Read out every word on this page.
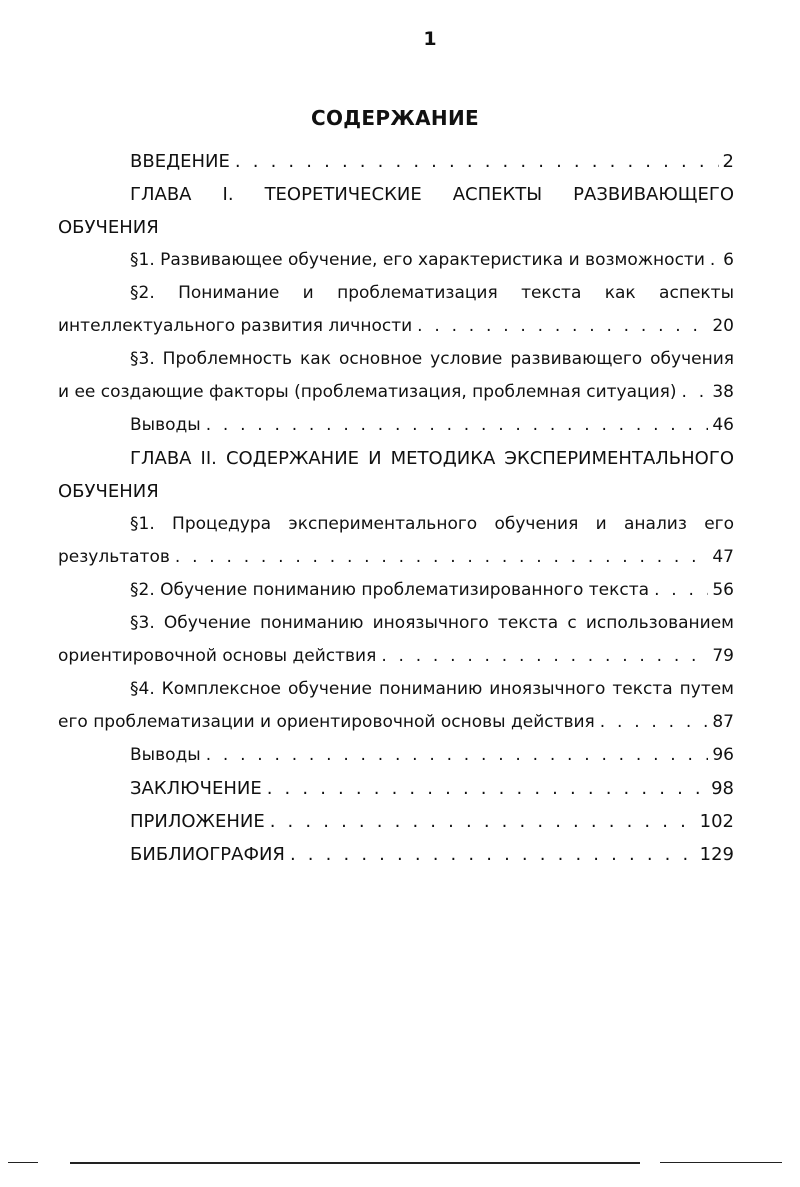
1
СОДЕРЖАНИЕ
ВВЕДЕНИЕ . . .	2
ГЛАВА I. ТЕОРЕТИЧЕСКИЕ АСПЕКТЫ РАЗВИВАЮЩЕГО
ОБУЧЕНИЯ
§1. Развивающее обучение, его характеристика и возможности . . . 6
§2. Понимание и проблематизация текста как аспекты
интеллектуального развития личности . . .	20
§3. Проблемность как основное условие развивающего обучения
и ее создающие факторы (проблематизация, проблемная ситуация) . . . 38
Выводы . . .	46
ГЛАВА II. СОДЕРЖАНИЕ И МЕТОДИКА ЭКСПЕРИМЕНТАЛЬНОГО
ОБУЧЕНИЯ
§1. Процедура экспериментального обучения и анализ его
результатов . . .	47
§2. Обучение пониманию проблематизированного текста . . .	56
§3. Обучение пониманию иноязычного текста с использованием
ориентировочной основы действия . . .	79
§4. Комплексное обучение пониманию иноязычного текста путем
его проблематизации и ориентировочной основы действия . . .	87
Выводы . . .	96
ЗАКЛЮЧЕНИЕ . . .	98
ПРИЛОЖЕНИЕ . . .	102
БИБЛИОГРАФИЯ . . .	129
